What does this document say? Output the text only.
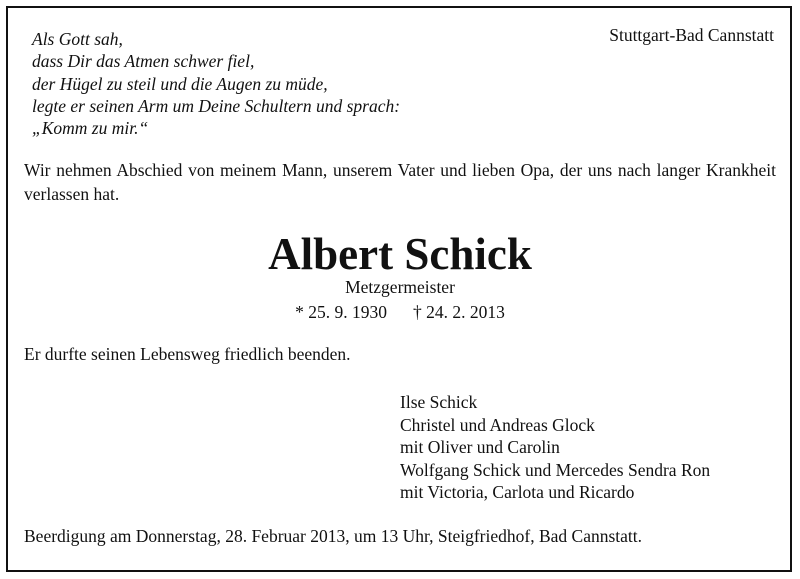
Als Gott sah,
dass Dir das Atmen schwer fiel,
der Hügel zu steil und die Augen zu müde,
legte er seinen Arm um Deine Schultern und sprach:
„Komm zu mir.“
Stuttgart-Bad Cannstatt
Wir nehmen Abschied von meinem Mann, unserem Vater und lieben Opa, der uns nach langer Krankheit verlassen hat.
Albert Schick
Metzgermeister
* 25. 9. 1930 † 24. 2. 2013
Er durfte seinen Lebensweg friedlich beenden.
Ilse Schick
Christel und Andreas Glock
mit Oliver und Carolin
Wolfgang Schick und Mercedes Sendra Ron
mit Victoria, Carlota und Ricardo
Beerdigung am Donnerstag, 28. Februar 2013, um 13 Uhr, Steigfriedhof, Bad Cannstatt.
